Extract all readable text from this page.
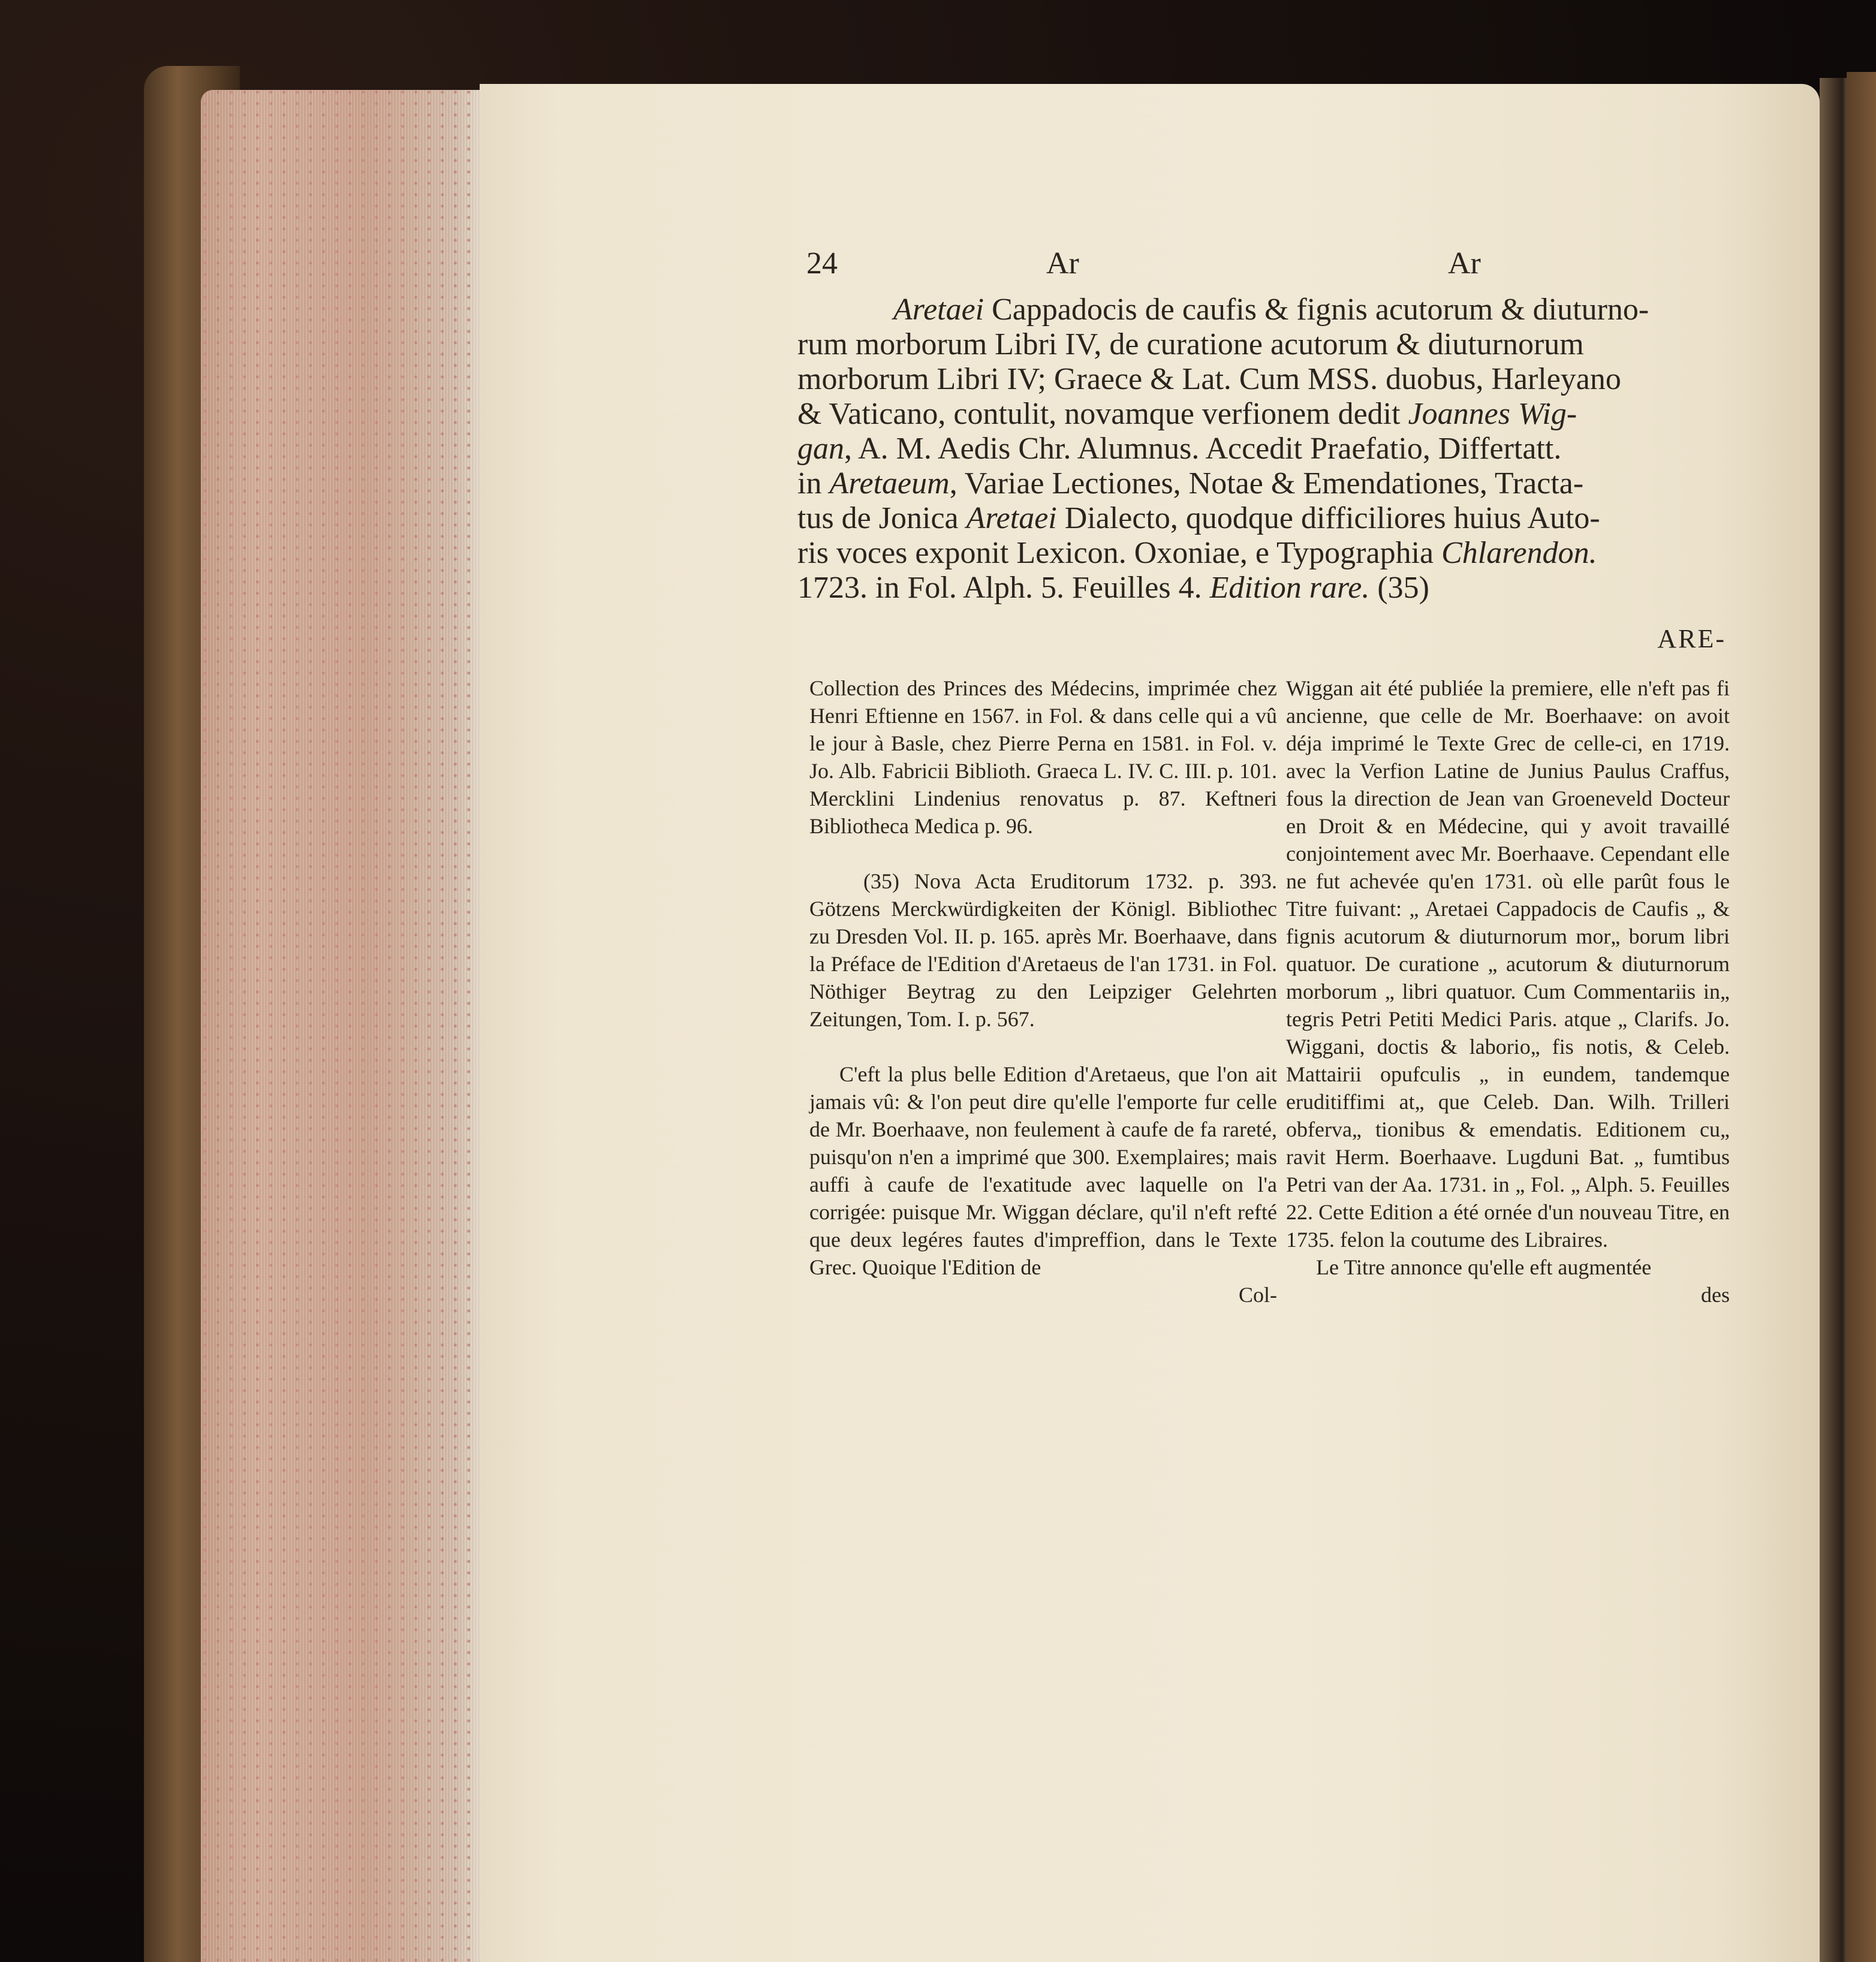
24	Ar	Ar
Aretaei Cappadocis de caufis & fignis acutorum & diuturno-
rum morborum Libri IV, de curatione acutorum & diuturnorum
morborum Libri IV; Graece & Lat. Cum MSS. duobus, Harleyano
& Vaticano, contulit, novamque verfionem dedit Joannes Wig-
gan, A. M. Aedis Chr. Alumnus. Accedit Praefatio, Differtatt.
in Aretaeum, Variae Lectiones, Notae & Emendationes, Tracta-
tus de Jonica Aretaei Dialecto, quodque difficiliores huius Auto-
ris voces exponit Lexicon. Oxoniae, e Typographia Chlarendon.
1723. in Fol. Alph. 5. Feuilles 4. Edition rare. (35)
ARE-

Collection des Princes des Médecins, imprimée chez Henri Eftienne en 1567. in Fol. & dans celle qui a vû le jour à Basle, chez Pierre Perna en 1581. in Fol. v. Jo. Alb. Fabricii Biblioth. Graeca L. IV. C. III. p. 101. Mercklini Lindenius renovatus p. 87. Keftneri Bibliotheca Medica p. 96.

(35) Nova Acta Eruditorum 1732. p. 393. Götzens Merckwürdigkeiten der Königl. Bibliothec zu Dresden Vol. II. p. 165. après Mr. Boerhaave, dans la Préface de l'Edition d'Aretaeus de l'an 1731. in Fol. Nöthiger Beytrag zu den Leipziger Gelehrten Zeitungen, Tom. I. p. 567.

C'eft la plus belle Edition d'Aretaeus, que l'on ait jamais vû: & l'on peut dire qu'elle l'emporte fur celle de Mr. Boerhaave, non feulement à caufe de fa rareté, puisqu'on n'en a imprimé que 300. Exemplaires; mais auffi à caufe de l'exatitude avec laquelle on l'a corrigée: puisque Mr. Wiggan déclare, qu'il n'eft refté que deux legéres fautes d'impreffion, dans le Texte Grec. Quoique l'Edition de

Col-

Wiggan ait été publiée la premiere, elle n'eft pas fi ancienne, que celle de Mr. Boerhaave: on avoit déja imprimé le Texte Grec de celle-ci, en 1719. avec la Verfion Latine de Junius Paulus Craffus, fous la direction de Jean van Groeneveld Docteur en Droit & en Médecine, qui y avoit travaillé conjointement avec Mr. Boerhaave. Cependant elle ne fut achevée qu'en 1731. où elle parût fous le Titre fuivant: „ Aretaei Cappadocis de Caufis „ & fignis acutorum & diuturnorum mor„ borum libri quatuor. De curatione „ acutorum & diuturnorum morborum „ libri quatuor. Cum Commentariis in„ tegris Petri Petiti Medici Paris. atque „ Clarifs. Jo. Wiggani, doctis & laborio„ fis notis, & Celeb. Mattairii opufculis „ in eundem, tandemque eruditiffimi at„ que Celeb. Dan. Wilh. Trilleri obferva„ tionibus & emendatis. Editionem cu„ ravit Herm. Boerhaave. Lugduni Bat. „ fumtibus Petri van der Aa. 1731. in „ Fol. „ Alph. 5. Feuilles 22. Cette Edition a été ornée d'un nouveau Titre, en 1735. felon la coutume des Libraires.

Le Titre annonce qu'elle eft augmentée

des
